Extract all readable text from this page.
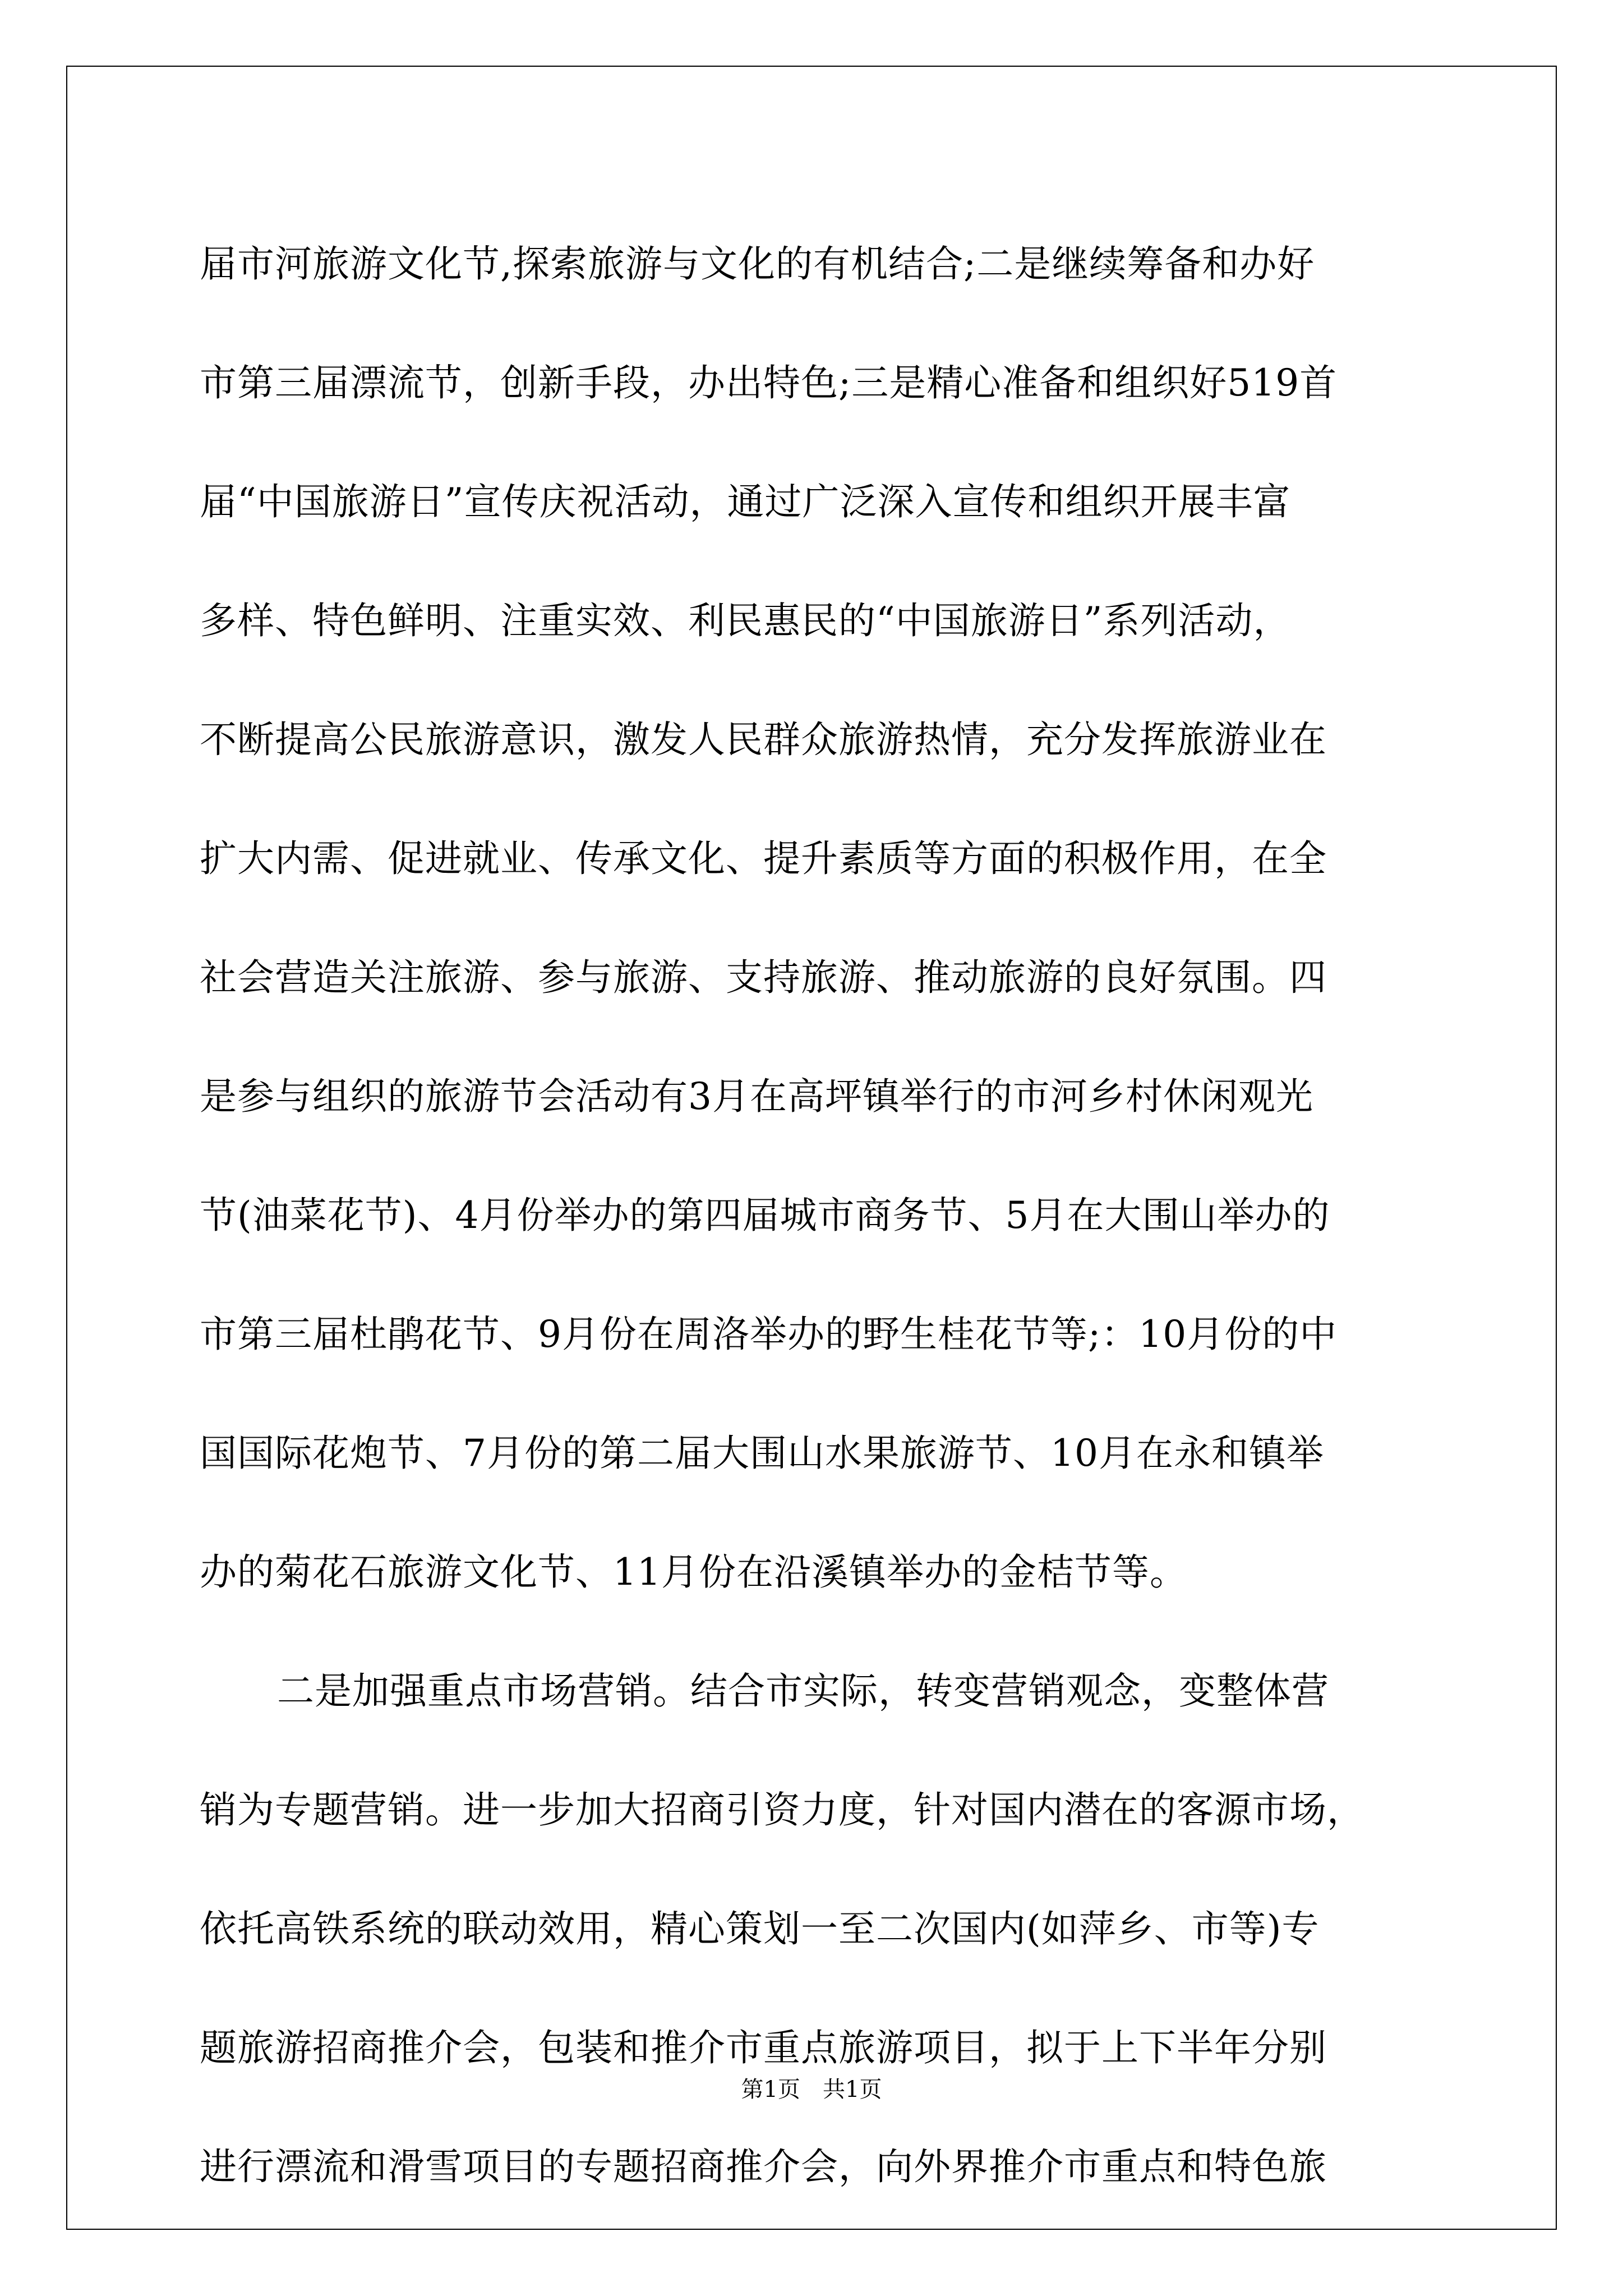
届市河旅游文化节,探索旅游与文化的有机结合;二是继续筹备和办好
市第三届漂流节，创新手段，办出特色;三是精心准备和组织好519首
届“中国旅游日”宣传庆祝活动，通过广泛深入宣传和组织开展丰富
多样、特色鲜明、注重实效、利民惠民的“中国旅游日”系列活动，
不断提高公民旅游意识，激发人民群众旅游热情，充分发挥旅游业在
扩大内需、促进就业、传承文化、提升素质等方面的积极作用，在全
社会营造关注旅游、参与旅游、支持旅游、推动旅游的良好氛围。四
是参与组织的旅游节会活动有3月在高坪镇举行的市河乡村休闲观光
节(油菜花节)、4月份举办的第四届城市商务节、5月在大围山举办的
市第三届杜鹃花节、9月份在周洛举办的野生桂花节等;：10月份的中
国国际花炮节、7月份的第二届大围山水果旅游节、10月在永和镇举
办的菊花石旅游文化节、11月份在沿溪镇举办的金桔节等。
二是加强重点市场营销。结合市实际，转变营销观念，变整体营
销为专题营销。进一步加大招商引资力度，针对国内潜在的客源市场，
依托高铁系统的联动效用，精心策划一至二次国内(如萍乡、市等)专
题旅游招商推介会，包装和推介市重点旅游项目，拟于上下半年分别
进行漂流和滑雪项目的专题招商推介会，向外界推介市重点和特色旅
第1页 共1页
